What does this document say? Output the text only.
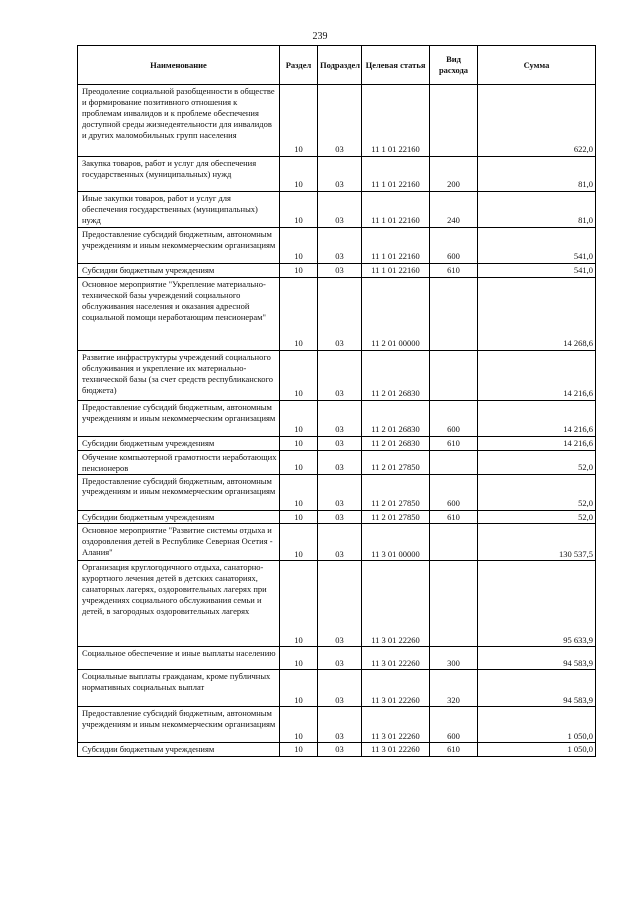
239
Наименование	Раздел	Подраздел	Целевая статья	Вид расхода	Сумма
Преодоление социальной разобщенности в обществе и формирование позитивного отношения к проблемам инвалидов и к проблеме обеспечения доступной среды жизнедеятельности для инвалидов и других маломобильных групп населения	10	03	11 1 01 22160		622,0
Закупка товаров, работ и услуг для обеспечения государственных (муниципальных) нужд	10	03	11 1 01 22160	200	81,0
Иные закупки товаров, работ и услуг для обеспечения государственных (муниципальных) нужд	10	03	11 1 01 22160	240	81,0
Предоставление субсидий бюджетным, автономным учреждениям и иным некоммерческим организациям	10	03	11 1 01 22160	600	541,0
Субсидии бюджетным учреждениям	10	03	11 1 01 22160	610	541,0
Основное мероприятие "Укрепление материально-технической базы учреждений социального обслуживания населения и оказания адресной социальной помощи неработающим пенсионерам"	10	03	11 2 01 00000		14 268,6
Развитие инфраструктуры учреждений социального обслуживания и укрепление их материально-технической базы (за счет средств республиканского бюджета)	10	03	11 2 01 26830		14 216,6
Предоставление субсидий бюджетным, автономным учреждениям и иным некоммерческим организациям	10	03	11 2 01 26830	600	14 216,6
Субсидии бюджетным учреждениям	10	03	11 2 01 26830	610	14 216,6
Обучение компьютерной грамотности неработающих пенсионеров	10	03	11 2 01 27850		52,0
Предоставление субсидий бюджетным, автономным учреждениям и иным некоммерческим организациям	10	03	11 2 01 27850	600	52,0
Субсидии бюджетным учреждениям	10	03	11 2 01 27850	610	52,0
Основное мероприятие "Развитие системы отдыха и оздоровления детей в Республике Северная Осетия - Алания"	10	03	11 3 01 00000		130 537,5
Организация круглогодичного отдыха, санаторно-курортного лечения детей в детских санаториях, санаторных лагерях, оздоровительных лагерях при учреждениях социального обслуживания семьи и детей, в загородных оздоровительных лагерях	10	03	11 3 01 22260		95 633,9
Социальное обеспечение и иные выплаты населению	10	03	11 3 01 22260	300	94 583,9
Социальные выплаты гражданам, кроме публичных нормативных социальных выплат	10	03	11 3 01 22260	320	94 583,9
Предоставление субсидий бюджетным, автономным учреждениям и иным некоммерческим организациям	10	03	11 3 01 22260	600	1 050,0
Субсидии бюджетным учреждениям	10	03	11 3 01 22260	610	1 050,0
